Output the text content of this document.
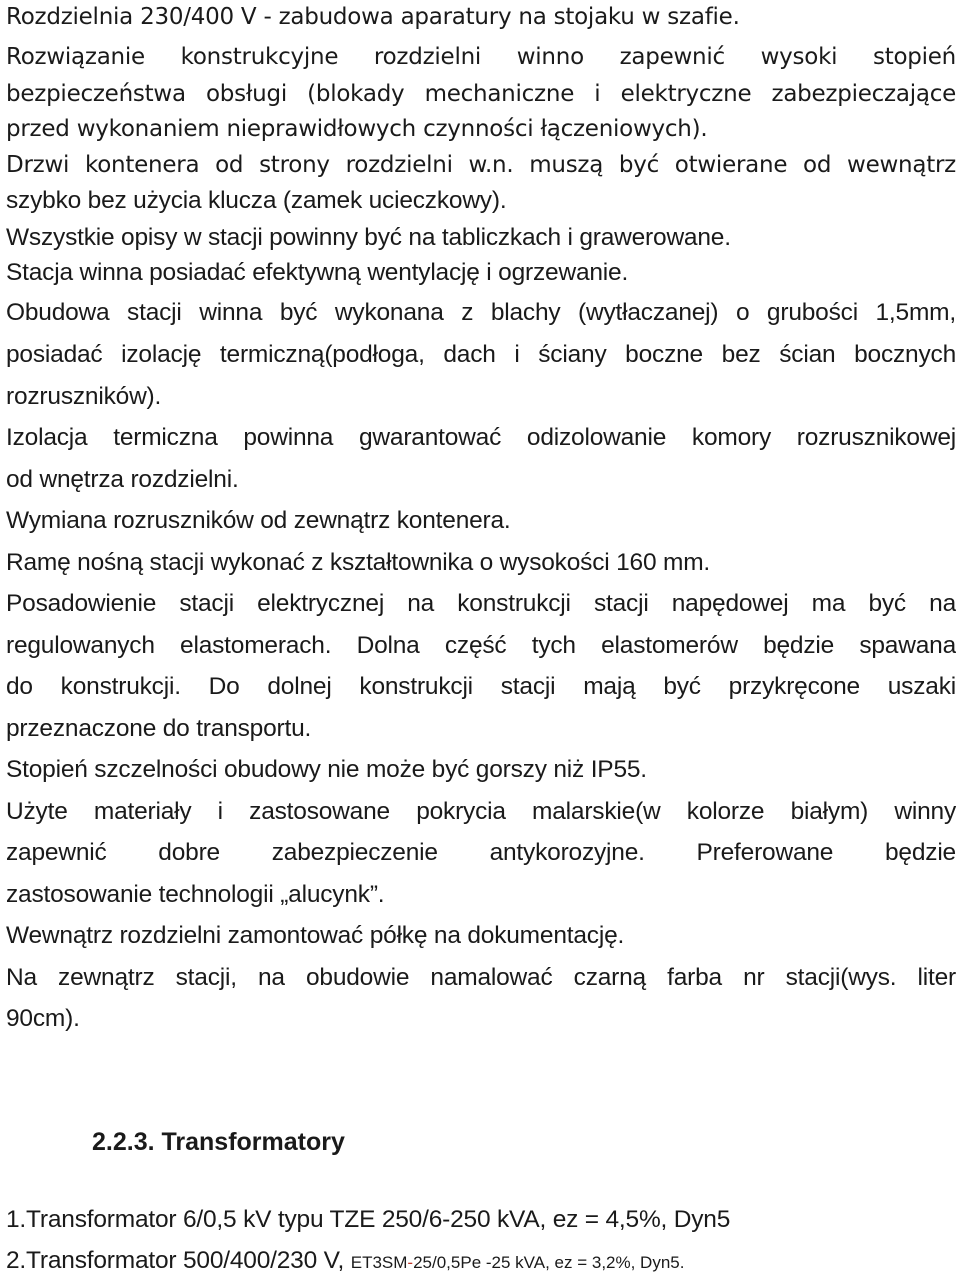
Rozdzielnia 230/400 V - zabudowa aparatury na stojaku w szafie.
Rozwiązanie konstrukcyjne rozdzielni winno zapewnić wysoki stopień
bezpieczeństwa obsługi (blokady mechaniczne i elektryczne zabezpieczające
przed wykonaniem nieprawidłowych czynności łączeniowych).
Drzwi kontenera od strony rozdzielni w.n. muszą być otwierane od wewnątrz
szybko bez użycia klucza (zamek ucieczkowy).
Wszystkie opisy w stacji powinny być na tabliczkach i grawerowane.
Stacja winna posiadać efektywną wentylację i ogrzewanie.
Obudowa stacji winna być wykonana z blachy (wytłaczanej) o grubości 1,5mm,
posiadać izolację termiczną(podłoga, dach i ściany boczne bez ścian bocznych
rozruszników).
Izolacja termiczna powinna gwarantować odizolowanie komory rozrusznikowej
od wnętrza rozdzielni.
Wymiana rozruszników od zewnątrz kontenera.
Ramę nośną stacji wykonać z kształtownika o wysokości 160 mm.
Posadowienie stacji elektrycznej na konstrukcji stacji napędowej ma być na
regulowanych elastomerach. Dolna część tych elastomerów będzie spawana
do konstrukcji. Do dolnej konstrukcji stacji mają być przykręcone uszaki
przeznaczone do transportu.
Stopień szczelności obudowy nie może być gorszy niż IP55.
Użyte materiały i zastosowane pokrycia malarskie(w kolorze białym) winny
zapewnić dobre zabezpieczenie antykorozyjne. Preferowane będzie
zastosowanie technologii „alucynk”.
Wewnątrz rozdzielni zamontować półkę na dokumentację.
Na zewnątrz stacji, na obudowie namalować czarną farba nr stacji(wys. liter
90cm).
2.2.3. Transformatory
1.Transformator 6/0,5 kV typu TZE 250/6-250 kVA, ez = 4,5%, Dyn5
2.Transformator 500/400/230 V, ET3SM-25/0,5Pe -25 kVA, ez = 3,2%, Dyn5.
